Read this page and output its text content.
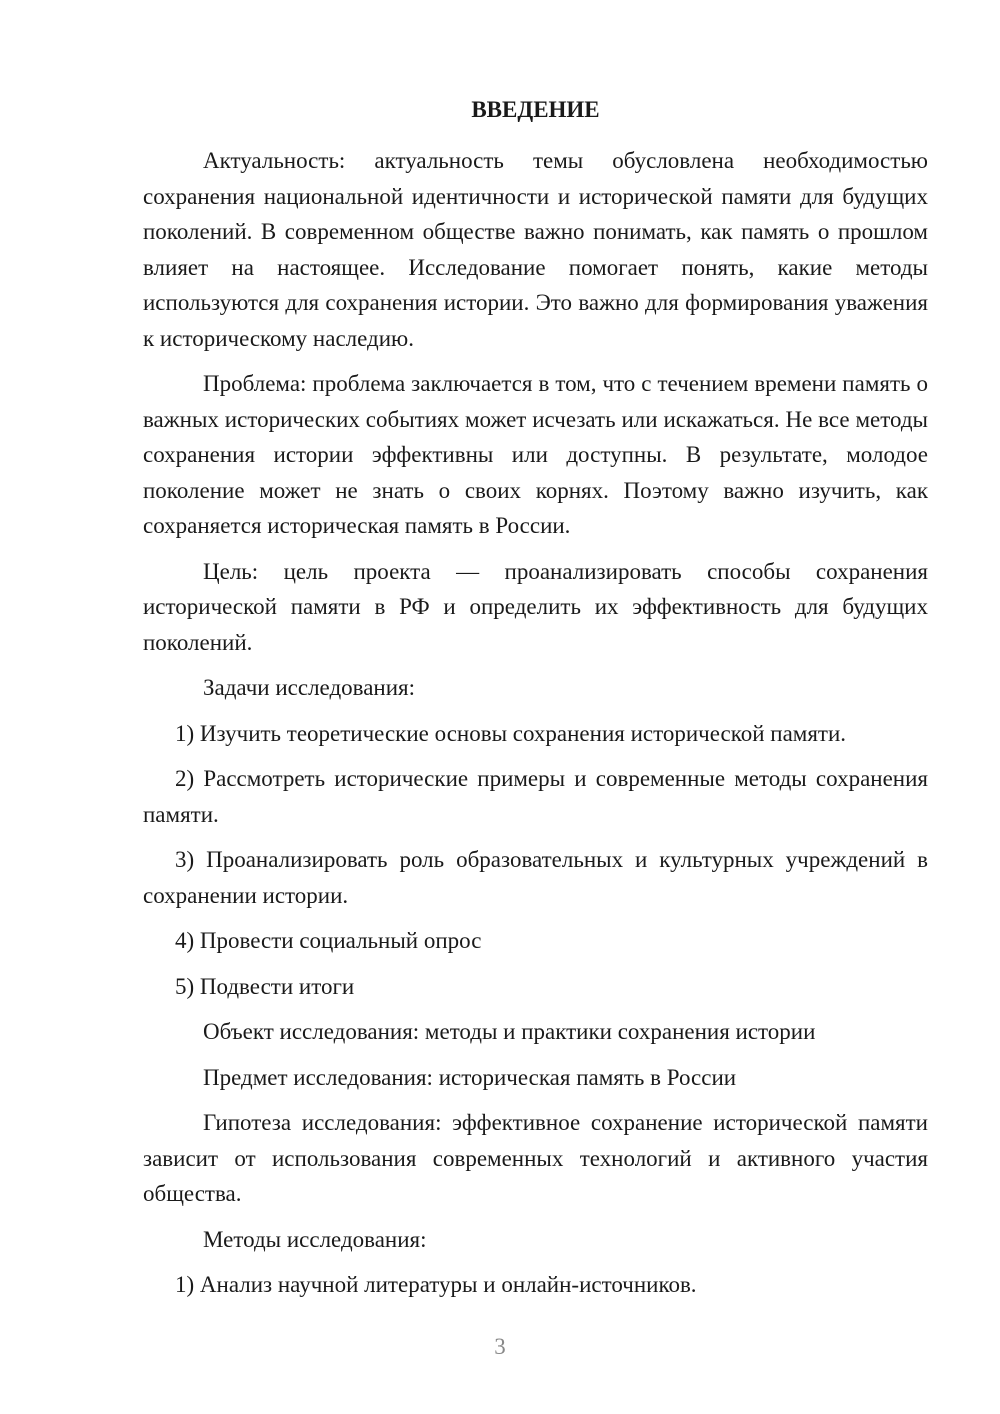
ВВЕДЕНИЕ

Актуальность: актуальность темы обусловлена необходимостью сохранения национальной идентичности и исторической памяти для будущих поколений. В современном обществе важно понимать, как память о прошлом влияет на настоящее. Исследование помогает понять, какие методы используются для сохранения истории. Это важно для формирования уважения к историческому наследию.

Проблема: проблема заключается в том, что с течением времени память о важных исторических событиях может исчезать или искажаться. Не все методы сохранения истории эффективны или доступны. В результате, молодое поколение может не знать о своих корнях. Поэтому важно изучить, как сохраняется историческая память в России.

Цель: цель проекта — проанализировать способы сохранения исторической памяти в РФ и определить их эффективность для будущих поколений.

Задачи исследования:

1) Изучить теоретические основы сохранения исторической памяти.

2) Рассмотреть исторические примеры и современные методы сохранения памяти.

3) Проанализировать роль образовательных и культурных учреждений в сохранении истории.

4) Провести социальный опрос

5) Подвести итоги

Объект исследования: методы и практики сохранения истории

Предмет исследования: историческая память в России

Гипотеза исследования: эффективное сохранение исторической памяти зависит от использования современных технологий и активного участия общества.

Методы исследования:

1) Анализ научной литературы и онлайн-источников.

3
